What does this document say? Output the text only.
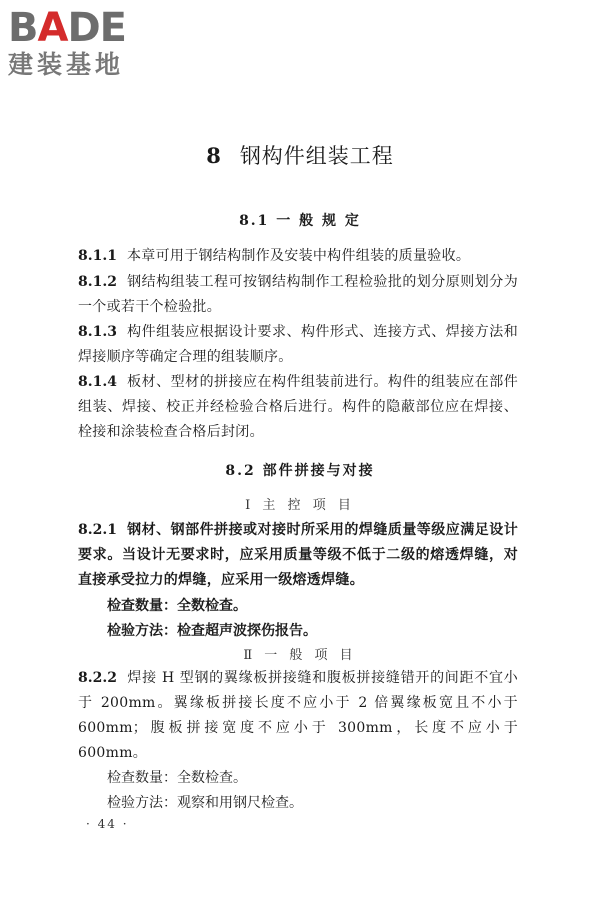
BADE
建装基地
8 钢构件组装工程
8.1 一 般 规 定
8.1.1 本章可用于钢结构制作及安装中构件组装的质量验收。
8.1.2 钢结构组装工程可按钢结构制作工程检验批的划分原则划分为一个或若干个检验批。
8.1.3 构件组装应根据设计要求、构件形式、连接方式、焊接方法和焊接顺序等确定合理的组装顺序。
8.1.4 板材、型材的拼接应在构件组装前进行。构件的组装应在部件组装、焊接、校正并经检验合格后进行。构件的隐蔽部位应在焊接、栓接和涂装检查合格后封闭。
8.2 部件拼接与对接
Ⅰ 主 控 项 目
8.2.1 钢材、钢部件拼接或对接时所采用的焊缝质量等级应满足设计要求。当设计无要求时，应采用质量等级不低于二级的熔透焊缝，对直接承受拉力的焊缝，应采用一级熔透焊缝。
检查数量：全数检查。
检验方法：检查超声波探伤报告。
Ⅱ 一 般 项 目
8.2.2 焊接 H 型钢的翼缘板拼接缝和腹板拼接缝错开的间距不宜小于 200mm。翼缘板拼接长度不应小于 2 倍翼缘板宽且不小于 600mm；腹板拼接宽度不应小于 300mm，长度不应小于 600mm。
检查数量：全数检查。
检验方法：观察和用钢尺检查。
· 44 ·
